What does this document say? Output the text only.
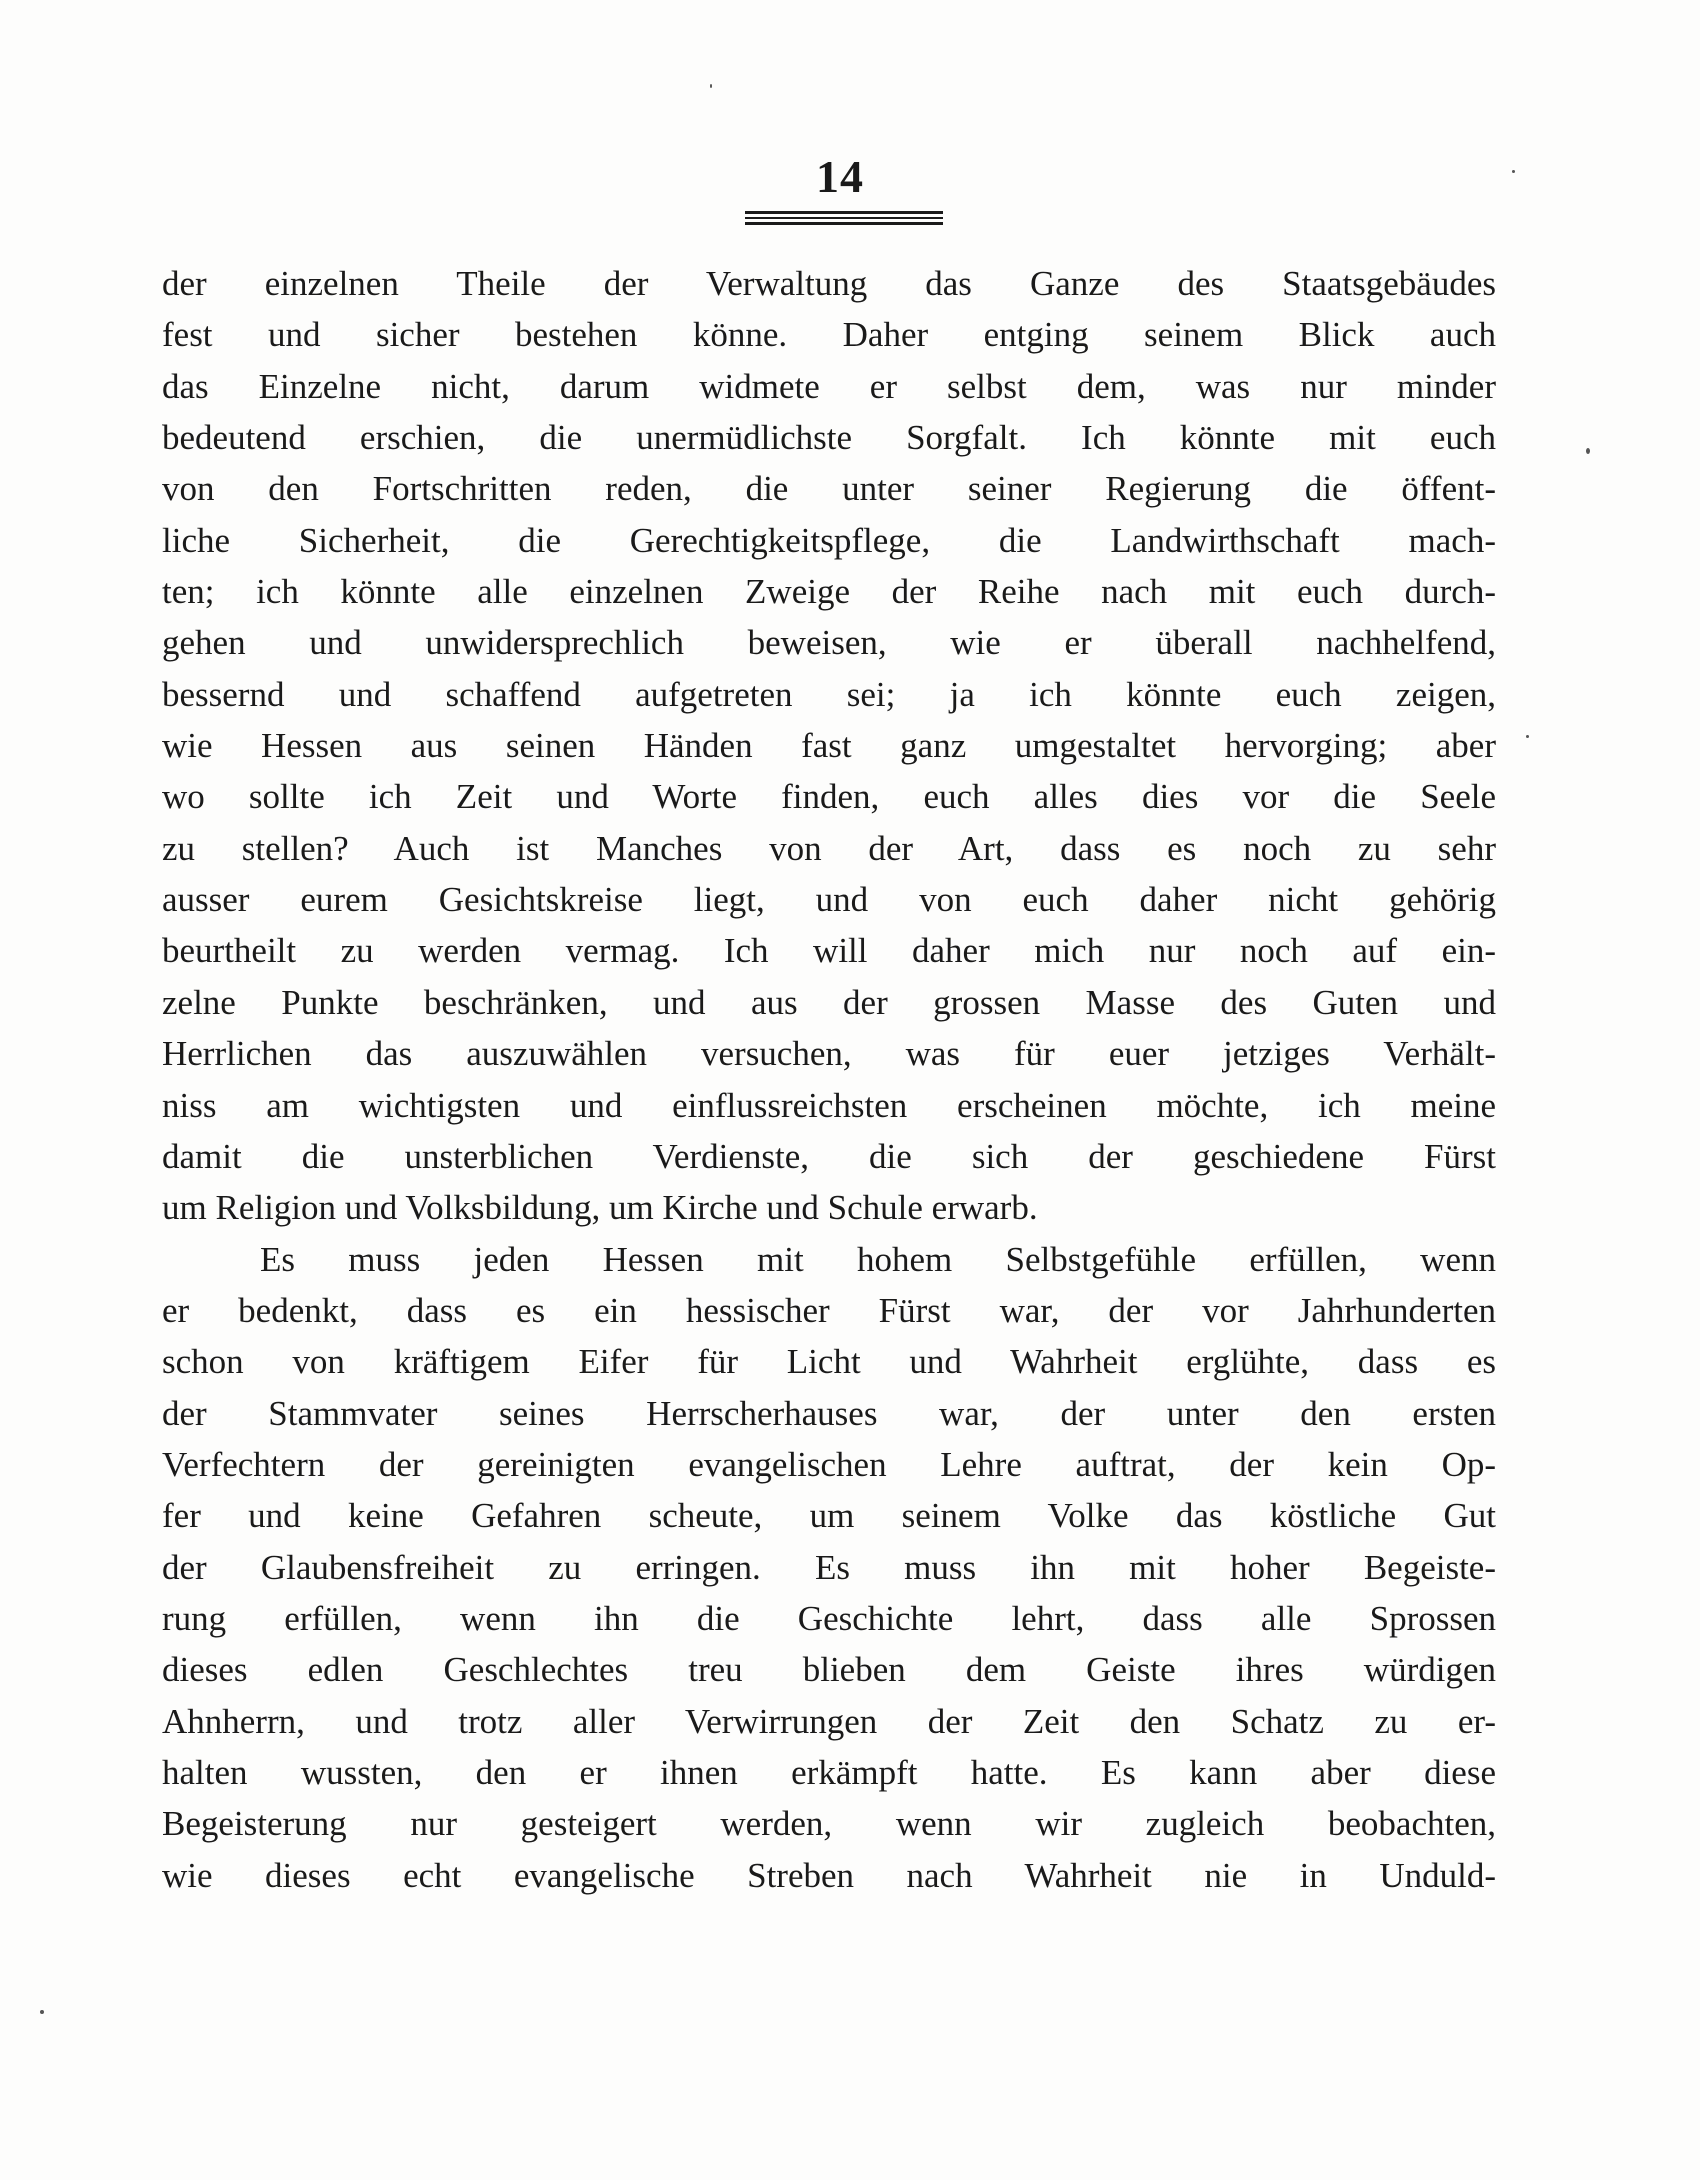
14
der einzelnen Theile der Verwaltung das Ganze des Staatsgebäudes
fest und sicher bestehen könne. Daher entging seinem Blick auch
das Einzelne nicht, darum widmete er selbst dem, was nur minder
bedeutend erschien, die unermüdlichste Sorgfalt. Ich könnte mit euch
von den Fortschritten reden, die unter seiner Regierung die öffent-
liche Sicherheit, die Gerechtigkeitspflege, die Landwirthschaft mach-
ten; ich könnte alle einzelnen Zweige der Reihe nach mit euch durch-
gehen und unwidersprechlich beweisen, wie er überall nachhelfend,
bessernd und schaffend aufgetreten sei; ja ich könnte euch zeigen,
wie Hessen aus seinen Händen fast ganz umgestaltet hervorging; aber
wo sollte ich Zeit und Worte finden, euch alles dies vor die Seele
zu stellen? Auch ist Manches von der Art, dass es noch zu sehr
ausser eurem Gesichtskreise liegt, und von euch daher nicht gehörig
beurtheilt zu werden vermag. Ich will daher mich nur noch auf ein-
zelne Punkte beschränken, und aus der grossen Masse des Guten und
Herrlichen das auszuwählen versuchen, was für euer jetziges Verhält-
niss am wichtigsten und einflussreichsten erscheinen möchte, ich meine
damit die unsterblichen Verdienste, die sich der geschiedene Fürst
um Religion und Volksbildung, um Kirche und Schule erwarb.
Es muss jeden Hessen mit hohem Selbstgefühle erfüllen, wenn
er bedenkt, dass es ein hessischer Fürst war, der vor Jahrhunderten
schon von kräftigem Eifer für Licht und Wahrheit erglühte, dass es
der Stammvater seines Herrscherhauses war, der unter den ersten
Verfechtern der gereinigten evangelischen Lehre auftrat, der kein Op-
fer und keine Gefahren scheute, um seinem Volke das köstliche Gut
der Glaubensfreiheit zu erringen. Es muss ihn mit hoher Begeiste-
rung erfüllen, wenn ihn die Geschichte lehrt, dass alle Sprossen
dieses edlen Geschlechtes treu blieben dem Geiste ihres würdigen
Ahnherrn, und trotz aller Verwirrungen der Zeit den Schatz zu er-
halten wussten, den er ihnen erkämpft hatte. Es kann aber diese
Begeisterung nur gesteigert werden, wenn wir zugleich beobachten,
wie dieses echt evangelische Streben nach Wahrheit nie in Unduld-
